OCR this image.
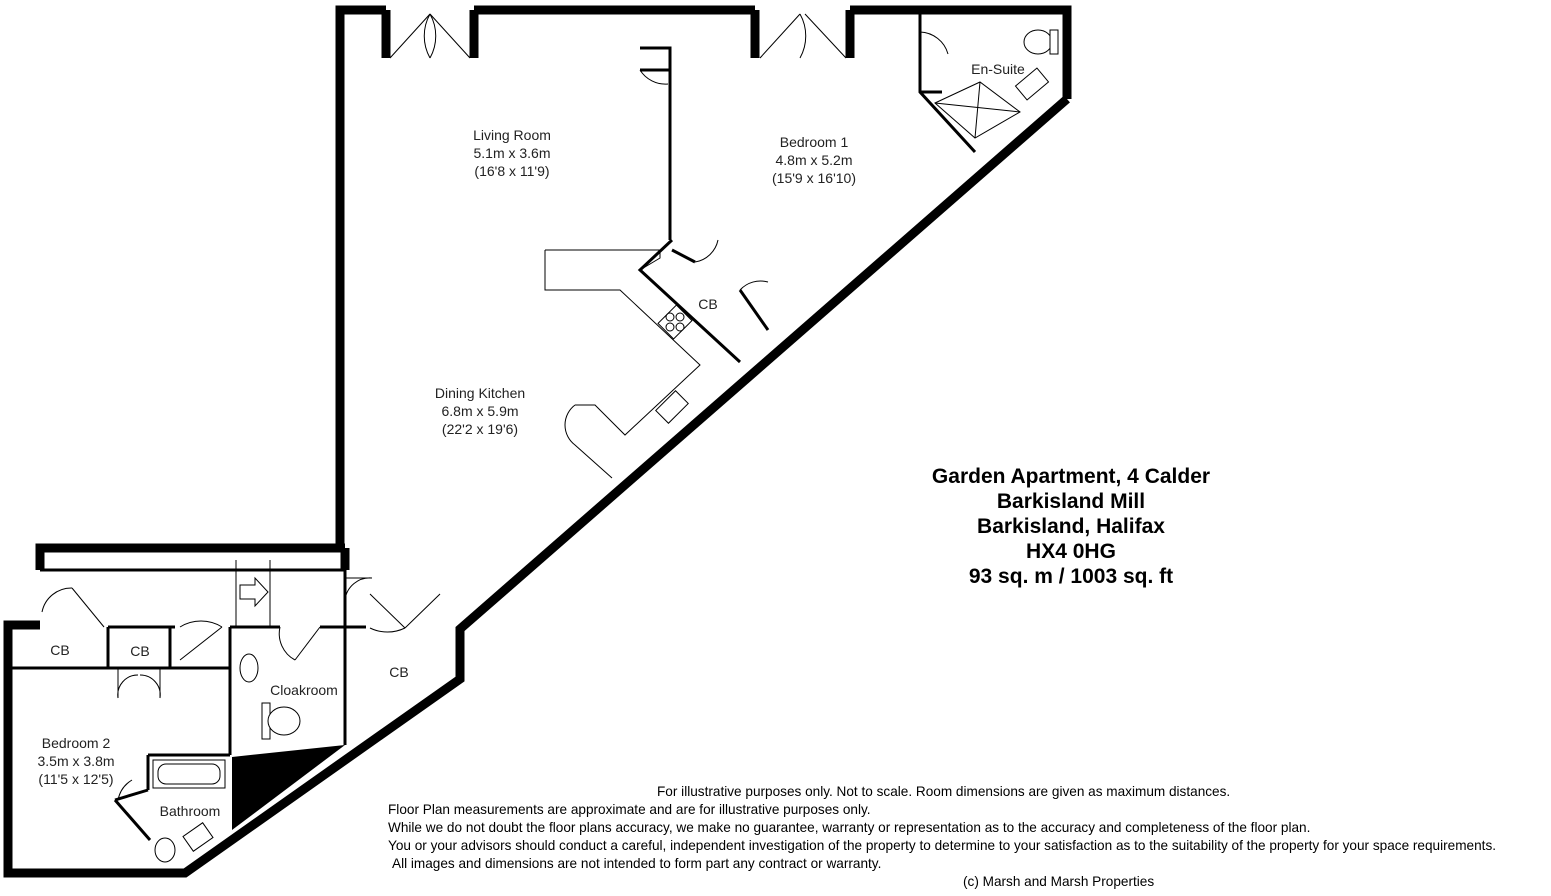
Living Room
5.1m x 3.6m
(16'8 x 11'9)
Bedroom 1
4.8m x 5.2m
(15'9 x 16'10)
En-Suite
Dining Kitchen
6.8m x 5.9m
(22'2 x 19'6)
Bedroom 2
3.5m x 3.8m
(11'5 x 12'5)
Bathroom
Cloakroom
CB
CB	CB
CB
Garden Apartment, 4 Calder
Barkisland Mill
Barkisland, Halifax
HX4 0HG
93 sq. m / 1003 sq. ft
For illustrative purposes only. Not to scale. Room dimensions are given as maximum distances.
Floor Plan measurements are approximate and are for illustrative purposes only.
While we do not doubt the floor plans accuracy, we make no guarantee, warranty or representation as to the accuracy and completeness of the floor plan.
You or your advisors should conduct a careful, independent investigation of the property to determine to your satisfaction as to the suitability of the property for your space requirements.
All images and dimensions are not intended to form part any contract or warranty.
(c) Marsh and Marsh Properties
